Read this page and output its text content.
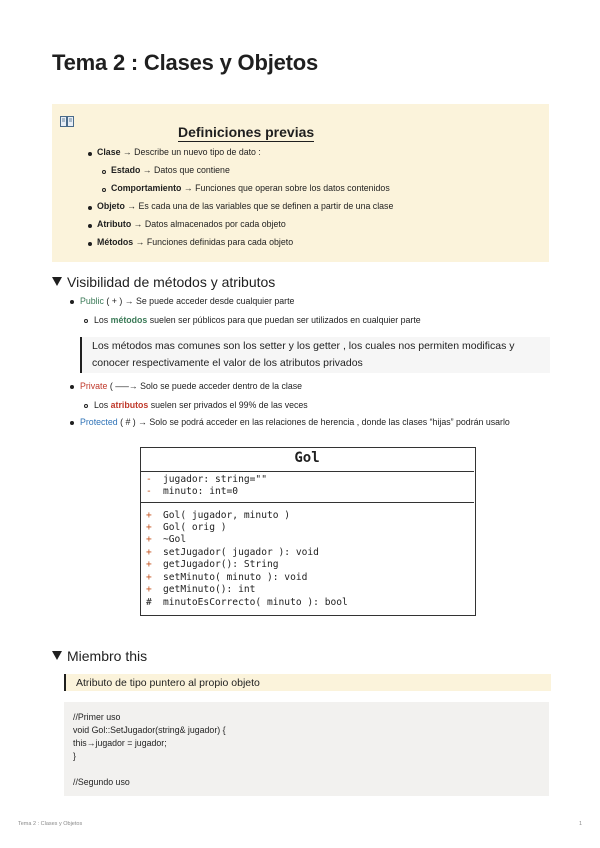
Tema 2 : Clases y Objetos
Definiciones previas
Clase → Describe un nuevo tipo de dato :
Estado → Datos que contiene
Comportamiento → Funciones que operan sobre los datos contenidos
Objeto → Es cada una de las variables que se definen a partir de una clase
Atributo → Datos almacenados por cada objeto
Métodos → Funciones definidas para cada objeto
Visibilidad de métodos y atributos
Public ( + ) → Se puede acceder desde cualquier parte
Los métodos suelen ser públicos para que puedan ser utilizados en cualquier parte
Los métodos mas comunes son los setter y los getter , los cuales nos permiten modificas y conocer respectivamente el valor de los atributos privados
Private ( —–→ Solo se puede acceder dentro de la clase
Los atributos suelen ser privados el 99% de las veces
Protected ( # ) → Solo se podrá acceder en las relaciones de herencia , donde las clases “hijas” podrán usarlo
Gol
- jugador: string=""
- minuto: int=0
+ Gol( jugador, minuto )
+ Gol( orig )
+ ~Gol
+ setJugador( jugador ): void
+ getJugador(): String
+ setMinuto( minuto ): void
+ getMinuto(): int
# minutoEsCorrecto( minuto ): bool
Miembro this
Atributo de tipo puntero al propio objeto
//Primer uso
void Gol::SetJugador(string& jugador) {
this→jugador = jugador;
}
//Segundo uso
Tema 2 : Clases y Objetos	1
